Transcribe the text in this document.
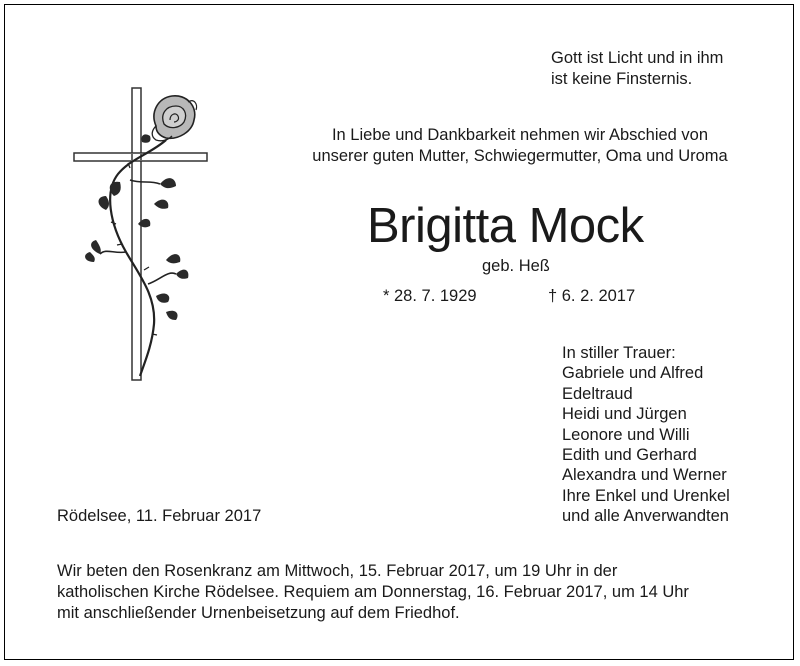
Gott ist Licht und in ihm
ist keine Finsternis.
In Liebe und Dankbarkeit nehmen wir Abschied von
unserer guten Mutter, Schwiegermutter, Oma und Uroma
Brigitta Mock
geb. Heß
* 28. 7. 1929	† 6. 2. 2017
In stiller Trauer:
Gabriele und Alfred
Edeltraud
Heidi und Jürgen
Leonore und Willi
Edith und Gerhard
Alexandra und Werner
Ihre Enkel und Urenkel
und alle Anverwandten
Rödelsee, 11. Februar 2017
Wir beten den Rosenkranz am Mittwoch, 15. Februar 2017, um 19 Uhr in der
katholischen Kirche Rödelsee. Requiem am Donnerstag, 16. Februar 2017, um 14 Uhr
mit anschließender Urnenbeisetzung auf dem Friedhof.
